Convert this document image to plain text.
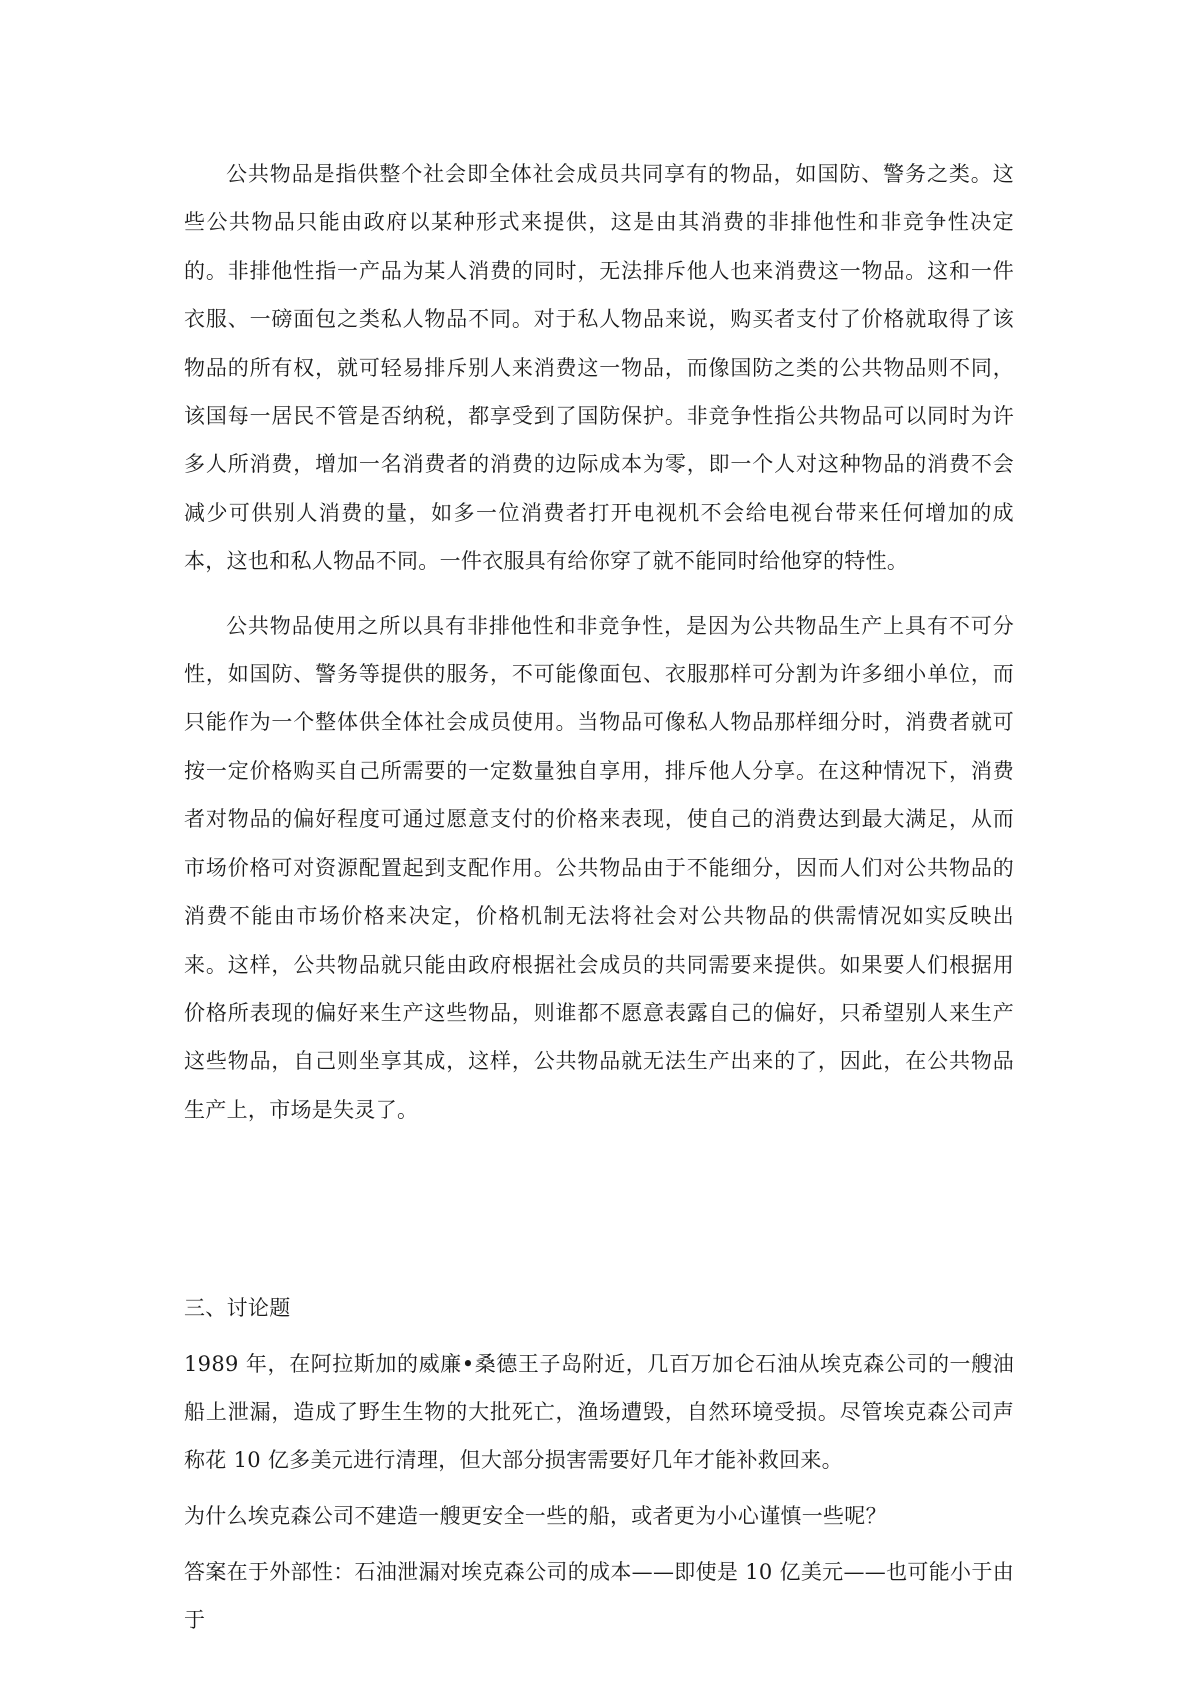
公共物品是指供整个社会即全体社会成员共同享有的物品，如国防、警务之类。这些公共物品只能由政府以某种形式来提供，这是由其消费的非排他性和非竞争性决定的。非排他性指一产品为某人消费的同时，无法排斥他人也来消费这一物品。这和一件衣服、一磅面包之类私人物品不同。对于私人物品来说，购买者支付了价格就取得了该物品的所有权，就可轻易排斥别人来消费这一物品，而像国防之类的公共物品则不同，该国每一居民不管是否纳税，都享受到了国防保护。非竞争性指公共物品可以同时为许多人所消费，增加一名消费者的消费的边际成本为零，即一个人对这种物品的消费不会减少可供别人消费的量，如多一位消费者打开电视机不会给电视台带来任何增加的成本，这也和私人物品不同。一件衣服具有给你穿了就不能同时给他穿的特性。

公共物品使用之所以具有非排他性和非竞争性，是因为公共物品生产上具有不可分性，如国防、警务等提供的服务，不可能像面包、衣服那样可分割为许多细小单位，而只能作为一个整体供全体社会成员使用。当物品可像私人物品那样细分时，消费者就可按一定价格购买自己所需要的一定数量独自享用，排斥他人分享。在这种情况下，消费者对物品的偏好程度可通过愿意支付的价格来表现，使自己的消费达到最大满足，从而市场价格可对资源配置起到支配作用。公共物品由于不能细分，因而人们对公共物品的消费不能由市场价格来决定，价格机制无法将社会对公共物品的供需情况如实反映出来。这样，公共物品就只能由政府根据社会成员的共同需要来提供。如果要人们根据用价格所表现的偏好来生产这些物品，则谁都不愿意表露自己的偏好，只希望别人来生产这些物品，自己则坐享其成，这样，公共物品就无法生产出来的了，因此，在公共物品生产上，市场是失灵了。

三、讨论题

1989 年，在阿拉斯加的威廉•桑德王子岛附近，几百万加仑石油从埃克森公司的一艘油船上泄漏，造成了野生生物的大批死亡，渔场遭毁，自然环境受损。尽管埃克森公司声称花 10 亿多美元进行清理，但大部分损害需要好几年才能补救回来。

为什么埃克森公司不建造一艘更安全一些的船，或者更为小心谨慎一些呢？

答案在于外部性：石油泄漏对埃克森公司的成本——即使是 10 亿美元——也可能小于由于
